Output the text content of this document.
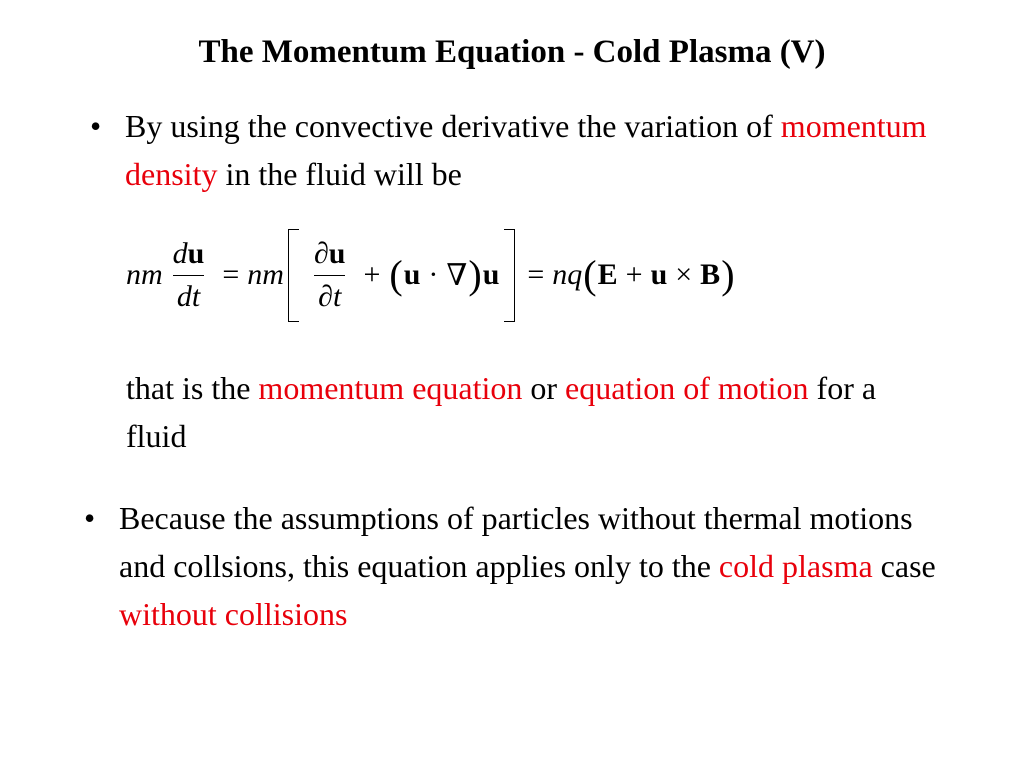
The Momentum Equation - Cold Plasma (V)
• By using the convective derivative the variation of momentum density in the fluid will be
nm $\frac{du}{dt}$ = nm $\frac{\partial u}{\partial t}$ + ( u · ∇ ) u = nq ( E + u × B )
that is the momentum equation or equation of motion for a fluid
• Because the assumptions of particles without thermal motions and collsions, this equation applies only to the cold plasma case without collisions
